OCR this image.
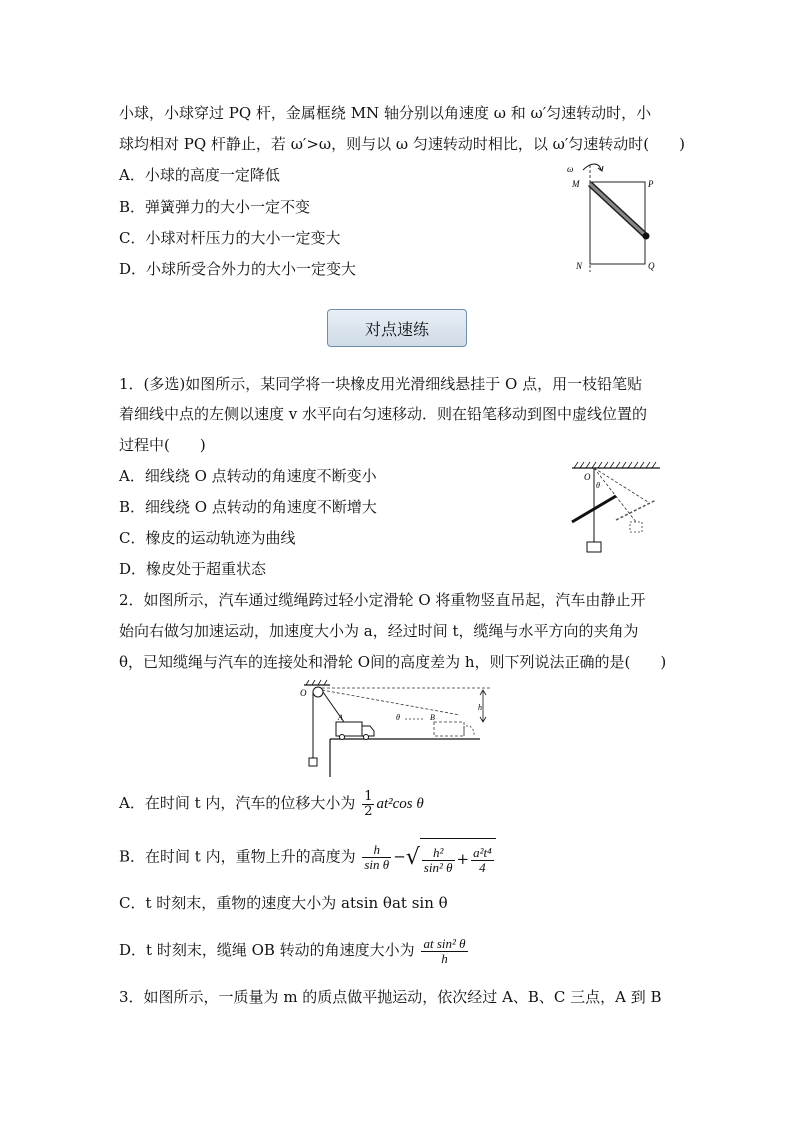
小球，小球穿过 PQ 杆，金属框绕 MN 轴分别以角速度 ω 和 ω′匀速转动时，小
球均相对 PQ 杆静止，若 ω′>ω，则与以 ω 匀速转动时相比，以 ω′匀速转动时(　　)
A．小球的高度一定降低
B．弹簧弹力的大小一定不变
C．小球对杆压力的大小一定变大
D．小球所受合外力的大小一定变大
ω
M	P
N	Q
对点速练
1．(多选)如图所示，某同学将一块橡皮用光滑细线悬挂于 O 点，用一枝铅笔贴
着细线中点的左侧以速度 v 水平向右匀速移动．则在铅笔移动到图中虚线位置的
过程中(　　)
A．细线绕 O 点转动的角速度不断变小
B．细线绕 O 点转动的角速度不断增大
C．橡皮的运动轨迹为曲线
D．橡皮处于超重状态
O
θ
2．如图所示，汽车通过缆绳跨过轻小定滑轮 O 将重物竖直吊起，汽车由静止开
始向右做匀加速运动，加速度大小为 a，经过时间 t，缆绳与水平方向的夹角为
θ，已知缆绳与汽车的连接处和滑轮 O间的高度差为 h，则下列说法正确的是(　　)
O
A	θ	B
h
A．在时间 t 内，汽车的位移大小为 $\frac{1}{2} at^2\cos$ θ
B．在时间 t 内，重物上升的高度为 $\frac{h}{\text{sin θ}}$ −√ $\frac{\text{h²}}{\text{sin² θ}} + \frac{\text{a²t⁴}}{4}$
C．t 时刻末，重物的速度大小为 atsin θat sin θ
D．t 时刻末，缆绳 OB 转动的角速度大小为 $\frac{\text{at sin² θ}}{h}$
3．如图所示，一质量为 m 的质点做平抛运动，依次经过 A、B、C 三点，A 到 B
